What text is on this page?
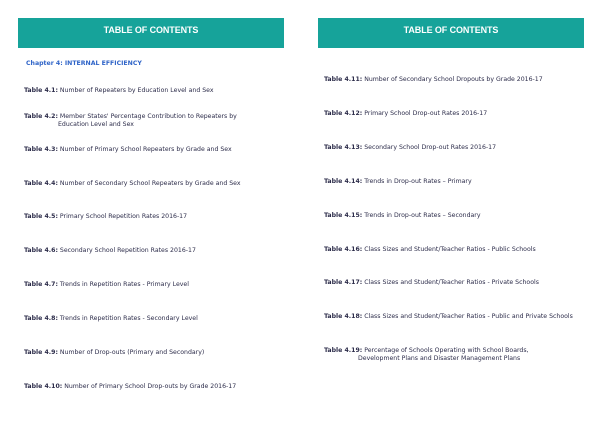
TABLE OF CONTENTS
Chapter 4: INTERNAL EFFICIENCY
Table 4.1: Number of Repeaters by Education Level and Sex
Table 4.2: Member States' Percentage Contribution to Repeaters by
Education Level and Sex
Table 4.3: Number of Primary School Repeaters by Grade and Sex
Table 4.4: Number of Secondary School Repeaters by Grade and Sex
Table 4.5: Primary School Repetition Rates 2016-17
Table 4.6: Secondary School Repetition Rates 2016-17
Table 4.7: Trends in Repetition Rates - Primary Level
Table 4.8: Trends in Repetition Rates - Secondary Level
Table 4.9: Number of Drop-outs (Primary and Secondary)
Table 4.10: Number of Primary School Drop-outs by Grade 2016-17
TABLE OF CONTENTS
Table 4.11: Number of Secondary School Dropouts by Grade 2016-17
Table 4.12: Primary School Drop-out Rates 2016-17
Table 4.13: Secondary School Drop-out Rates 2016-17
Table 4.14: Trends in Drop-out Rates – Primary
Table 4.15: Trends in Drop-out Rates – Secondary
Table 4.16: Class Sizes and Student/Teacher Ratios - Public Schools
Table 4.17: Class Sizes and Student/Teacher Ratios - Private Schools
Table 4.18: Class Sizes and Student/Teacher Ratios - Public and Private Schools
Table 4.19: Percentage of Schools Operating with School Boards,
Development Plans and Disaster Management Plans
